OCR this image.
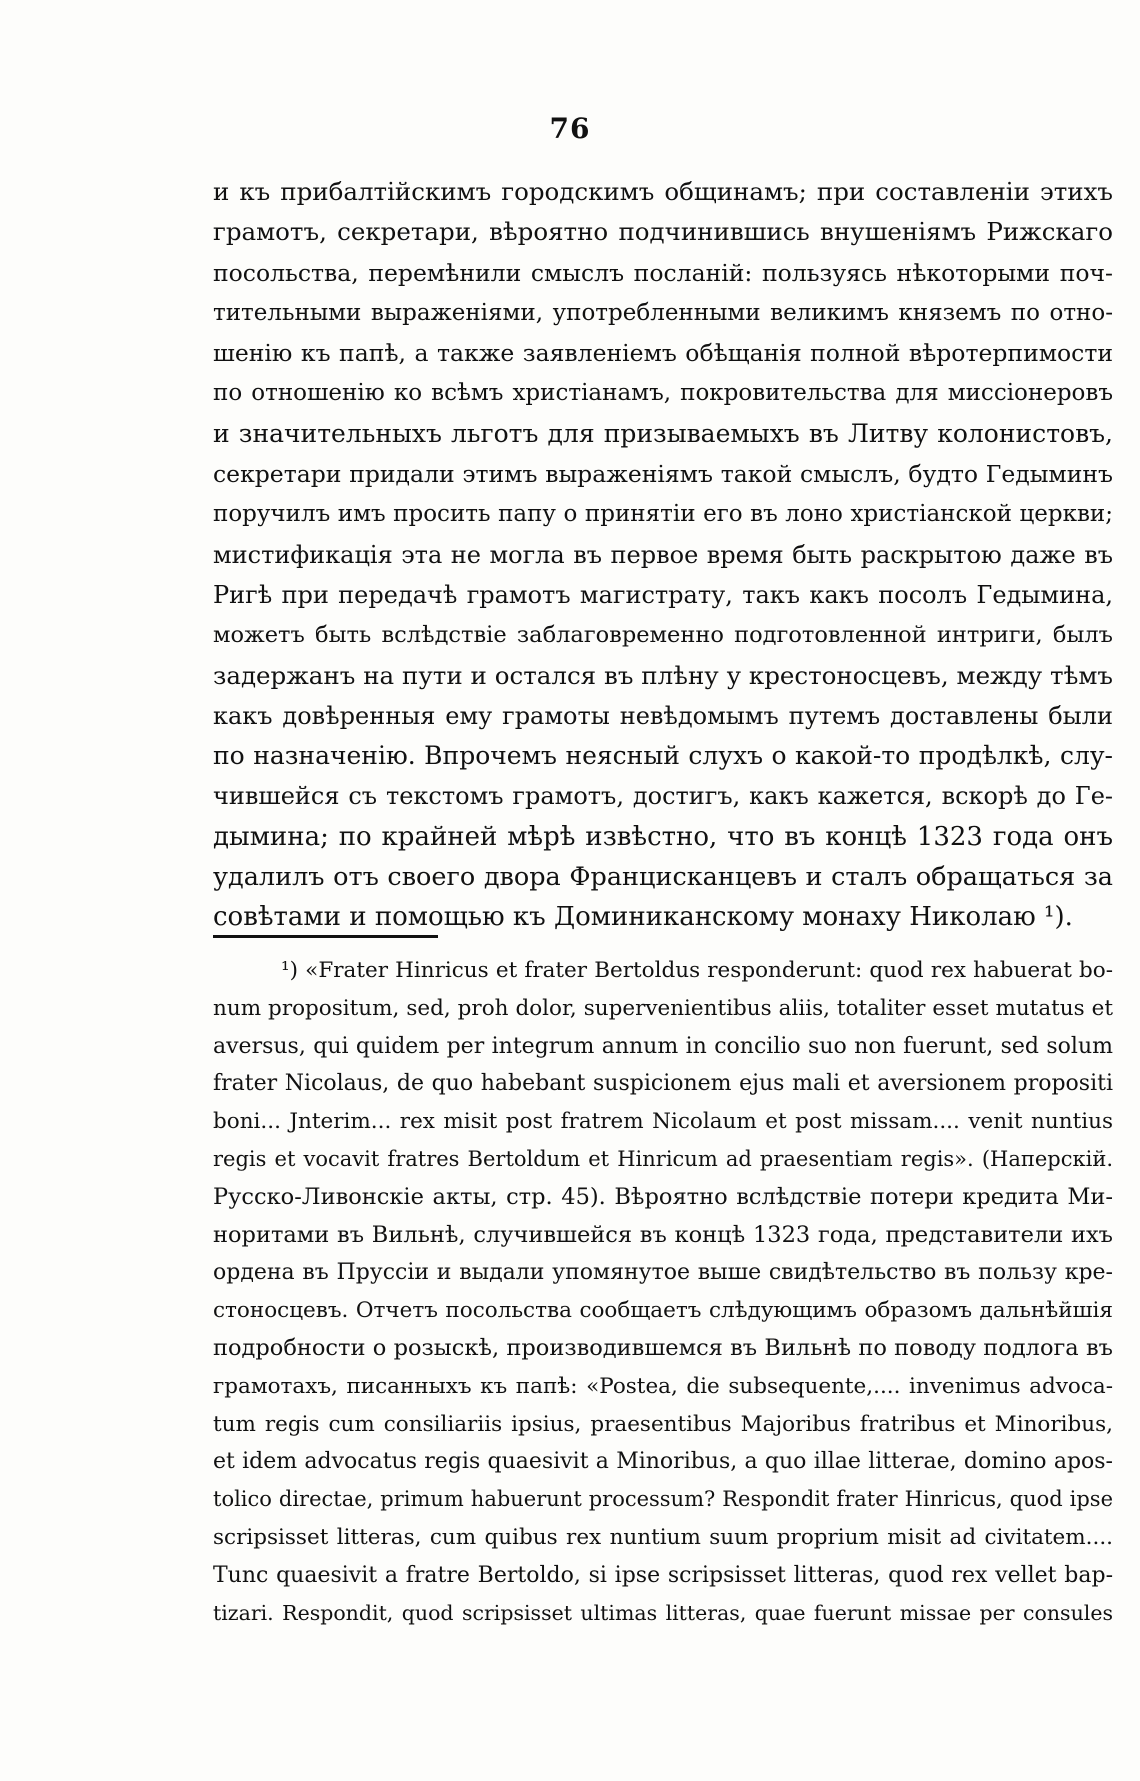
76
и къ прибалтійскимъ городскимъ общинамъ; при составленіи этихъ
грамотъ, секретари, вѣроятно подчинившись внушеніямъ Рижскаго
посольства, перемѣнили смыслъ посланій: пользуясь нѣкоторыми поч-
тительными выраженіями, употребленными великимъ княземъ по отно-
шенію къ папѣ, а также заявленіемъ обѣщанія полной вѣротерпимости
по отношенію ко всѣмъ христіанамъ, покровительства для миссіонеровъ
и значительныхъ льготъ для призываемыхъ въ Литву колонистовъ,
секретари придали этимъ выраженіямъ такой смыслъ, будто Гедыминъ
поручилъ имъ просить папу о принятіи его въ лоно христіанской церкви;
мистификація эта не могла въ первое время быть раскрытою даже въ
Ригѣ при передачѣ грамотъ магистрату, такъ какъ посолъ Гедымина,
можетъ быть вслѣдствіе заблаговременно подготовленной интриги, былъ
задержанъ на пути и остался въ плѣну у крестоносцевъ, между тѣмъ
какъ довѣренныя ему грамоты невѣдомымъ путемъ доставлены были
по назначенію. Впрочемъ неясный слухъ о какой-то продѣлкѣ, слу-
чившейся съ текстомъ грамотъ, достигъ, какъ кажется, вскорѣ до Ге-
дымина; по крайней мѣрѣ извѣстно, что въ концѣ 1323 года онъ
удалилъ отъ своего двора Францисканцевъ и сталъ обращаться за
совѣтами и помощью къ Доминиканскому монаху Николаю ¹).
¹) «Frater Hinricus et frater Bertoldus responderunt: quod rex habuerat bo-
num propositum, sed, proh dolor, supervenientibus aliis, totaliter esset mutatus et
aversus, qui quidem per integrum annum in concilio suo non fuerunt, sed solum
frater Nicolaus, de quo habebant suspicionem ejus mali et aversionem propositi
boni... Jnterim... rex misit post fratrem Nicolaum et post missam.... venit nuntius
regis et vocavit fratres Bertoldum et Hinricum ad praesentiam regis». (Наперскій.
Русско-Ливонскіе акты, стр. 45). Вѣроятно вслѣдствіе потери кредита Ми-
норитами въ Вильнѣ, случившейся въ концѣ 1323 года, представители ихъ
ордена въ Пруссіи и выдали упомянутое выше свидѣтельство въ пользу кре-
стоносцевъ. Отчетъ посольства сообщаетъ слѣдующимъ образомъ дальнѣйшія
подробности о розыскѣ, производившемся въ Вильнѣ по поводу подлога въ
грамотахъ, писанныхъ къ папѣ: «Postea, die subsequente,.... invenimus advoca-
tum regis cum consiliariis ipsius, praesentibus Majoribus fratribus et Minoribus,
et idem advocatus regis quaesivit a Minoribus, a quo illae litterae, domino apos-
tolico directae, primum habuerunt processum? Respondit frater Hinricus, quod ipse
scripsisset litteras, cum quibus rex nuntium suum proprium misit ad civitatem....
Tunc quaesivit a fratre Bertoldo, si ipse scripsisset litteras, quod rex vellet bap-
tizari. Respondit, quod scripsisset ultimas litteras, quae fuerunt missae per consules
